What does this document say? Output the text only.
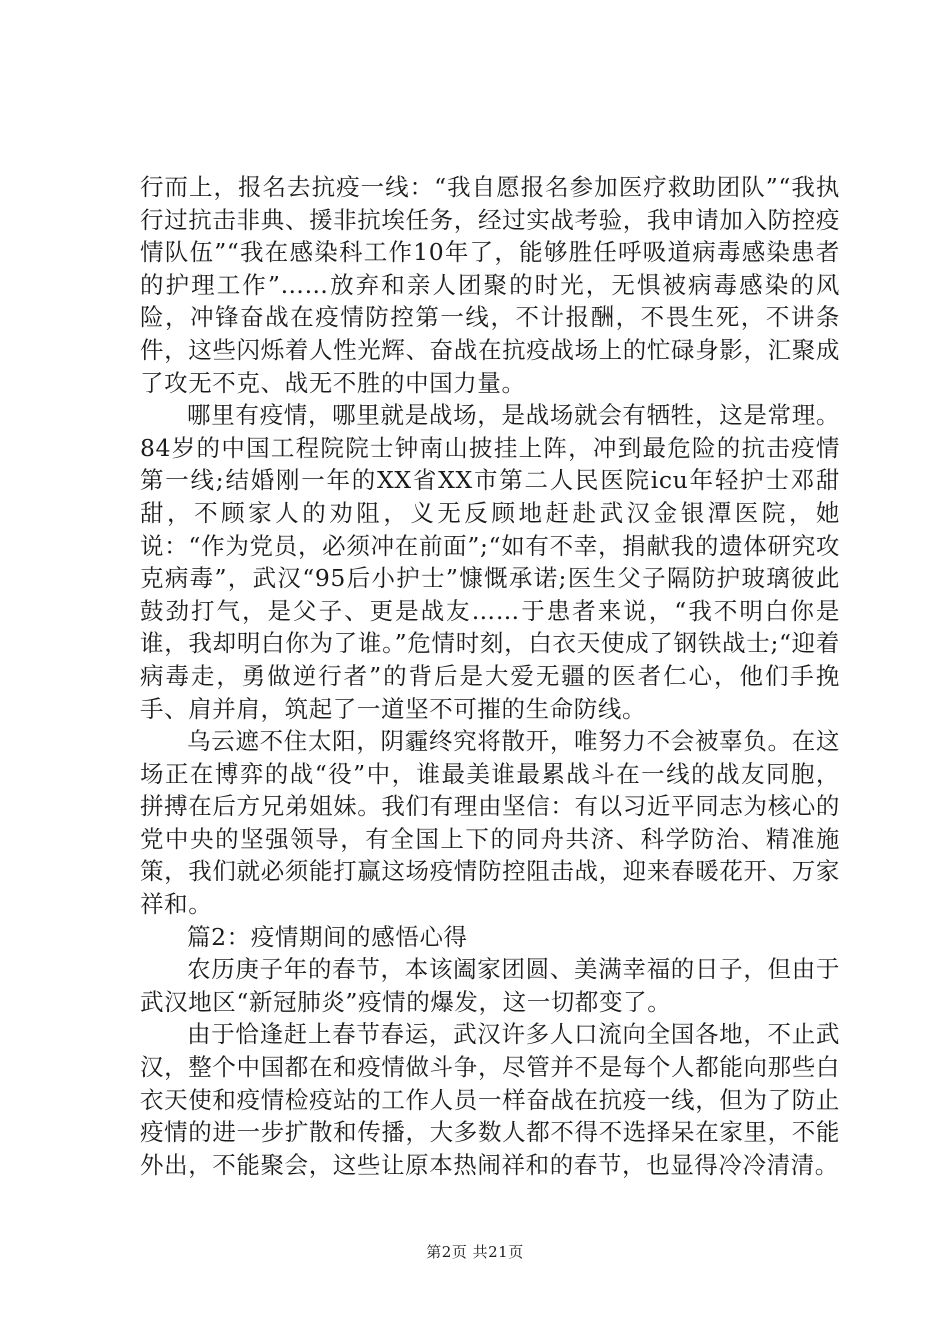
行而上，报名去抗疫一线：“我自愿报名参加医疗救助团队”“我执行过抗击非典、援非抗埃任务，经过实战考验，我申请加入防控疫情队伍”“我在感染科工作10年了，能够胜任呼吸道病毒感染患者的护理工作”……放弃和亲人团聚的时光，无惧被病毒感染的风险，冲锋奋战在疫情防控第一线，不计报酬，不畏生死，不讲条件，这些闪烁着人性光辉、奋战在抗疫战场上的忙碌身影，汇聚成了攻无不克、战无不胜的中国力量。

哪里有疫情，哪里就是战场，是战场就会有牺牲，这是常理。84岁的中国工程院院士钟南山披挂上阵，冲到最危险的抗击疫情第一线;结婚刚一年的XX省XX市第二人民医院icu年轻护士邓甜甜，不顾家人的劝阻，义无反顾地赶赴武汉金银潭医院，她说：“作为党员，必须冲在前面”;“如有不幸，捐献我的遗体研究攻克病毒”，武汉“95后小护士”慷慨承诺;医生父子隔防护玻璃彼此鼓劲打气，是父子、更是战友……于患者来说，“我不明白你是谁，我却明白你为了谁。”危情时刻，白衣天使成了钢铁战士;“迎着病毒走，勇做逆行者”的背后是大爱无疆的医者仁心，他们手挽手、肩并肩，筑起了一道坚不可摧的生命防线。

乌云遮不住太阳，阴霾终究将散开，唯努力不会被辜负。在这场正在博弈的战“役”中，谁最美谁最累战斗在一线的战友同胞，拼搏在后方兄弟姐妹。我们有理由坚信：有以习近平同志为核心的党中央的坚强领导，有全国上下的同舟共济、科学防治、精准施策，我们就必须能打赢这场疫情防控阻击战，迎来春暖花开、万家祥和。

篇2：疫情期间的感悟心得

农历庚子年的春节，本该阖家团圆、美满幸福的日子，但由于武汉地区“新冠肺炎”疫情的爆发，这一切都变了。

由于恰逢赶上春节春运，武汉许多人口流向全国各地，不止武汉，整个中国都在和疫情做斗争，尽管并不是每个人都能向那些白衣天使和疫情检疫站的工作人员一样奋战在抗疫一线，但为了防止疫情的进一步扩散和传播，大多数人都不得不选择呆在家里，不能外出，不能聚会，这些让原本热闹祥和的春节，也显得冷冷清清。

第2页 共21页
